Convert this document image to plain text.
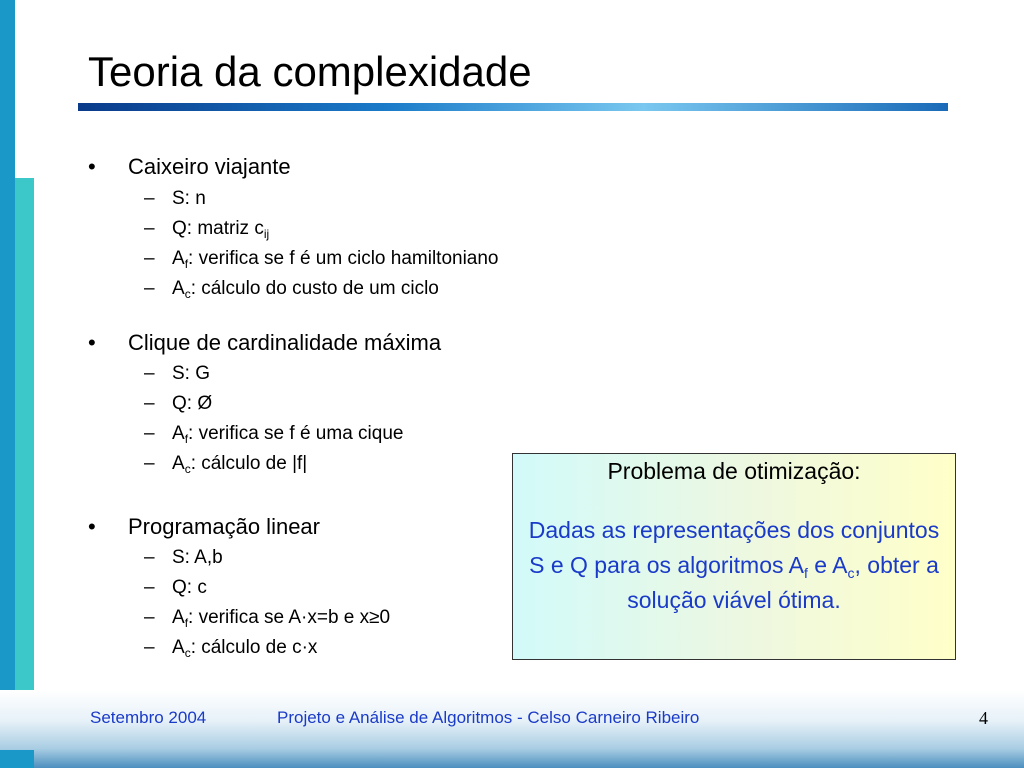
Teoria da complexidade
• Caixeiro viajante
– S: n
– Q: matriz $c_{ij}$
– $A_f$: verifica se f é um ciclo hamiltoniano
– $A_c$: cálculo do custo de um ciclo
• Clique de cardinalidade máxima
– S: G
– Q: Ø
– $A_f$: verifica se f é uma cique
– $A_c$: cálculo de |f|
• Programação linear
– S: A,b
– Q: c
– $A_f$: verifica se A·x=b e x≥0
– $A_c$: cálculo de c·x
Problema de otimização:
Dadas as representações dos conjuntos S e Q para os algoritmos $A_f$ e $A_c$, obter a solução viável ótima.
Setembro 2004	Projeto e Análise de Algoritmos - Celso Carneiro Ribeiro	4
